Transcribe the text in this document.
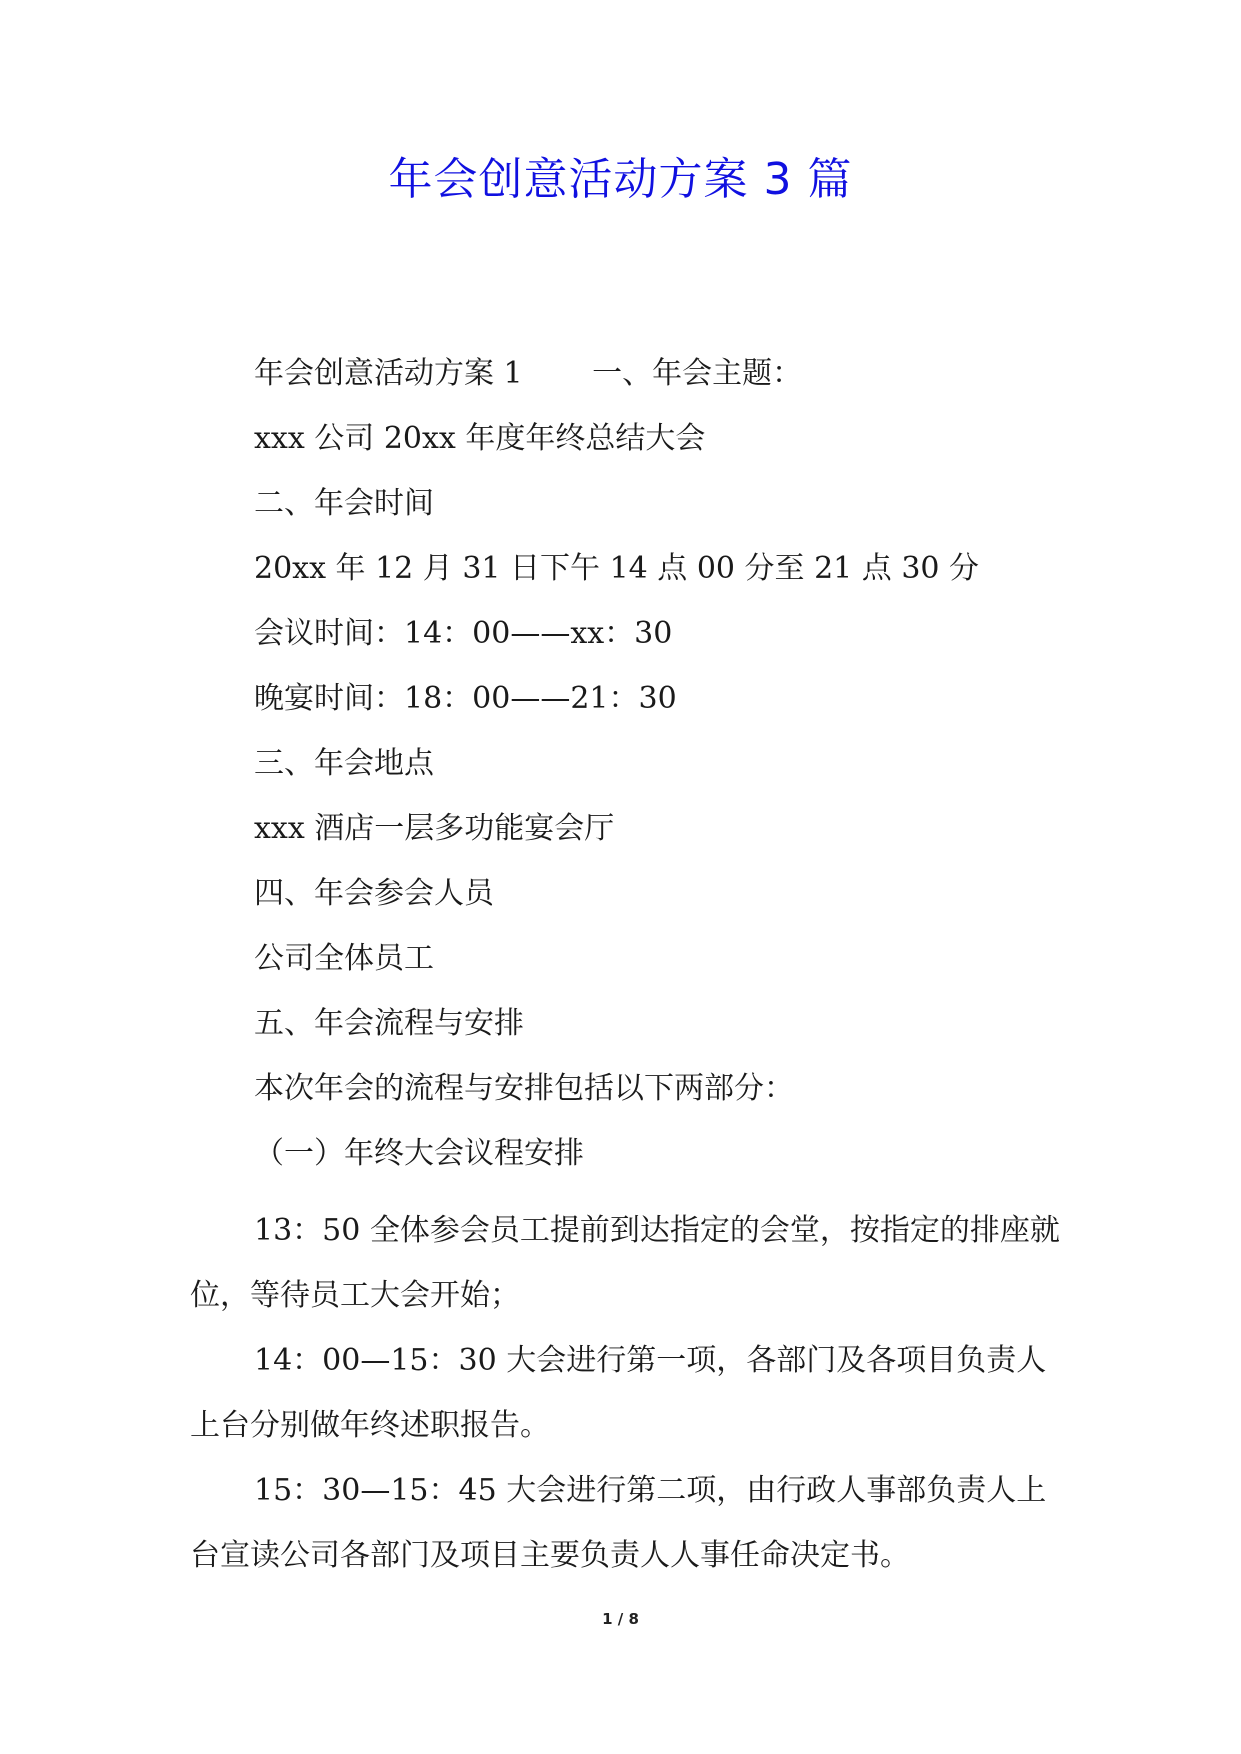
年会创意活动方案 3 篇

年会创意活动方案 1 　　一、年会主题：

xxx 公司 20xx 年度年终总结大会

二、年会时间

20xx 年 12 月 31 日下午 14 点 00 分至 21 点 30 分

会议时间：14：00——xx：30

晚宴时间：18：00——21：30

三、年会地点

xxx 酒店一层多功能宴会厅

四、年会参会人员

公司全体员工

五、年会流程与安排

本次年会的流程与安排包括以下两部分：

（一）年终大会议程安排

13：50 全体参会员工提前到达指定的会堂，按指定的排座就位，等待员工大会开始；

14：00—15：30 大会进行第一项，各部门及各项目负责人上台分别做年终述职报告。

15：30—15：45 大会进行第二项，由行政人事部负责人上台宣读公司各部门及项目主要负责人人事任命决定书。

1 / 8
